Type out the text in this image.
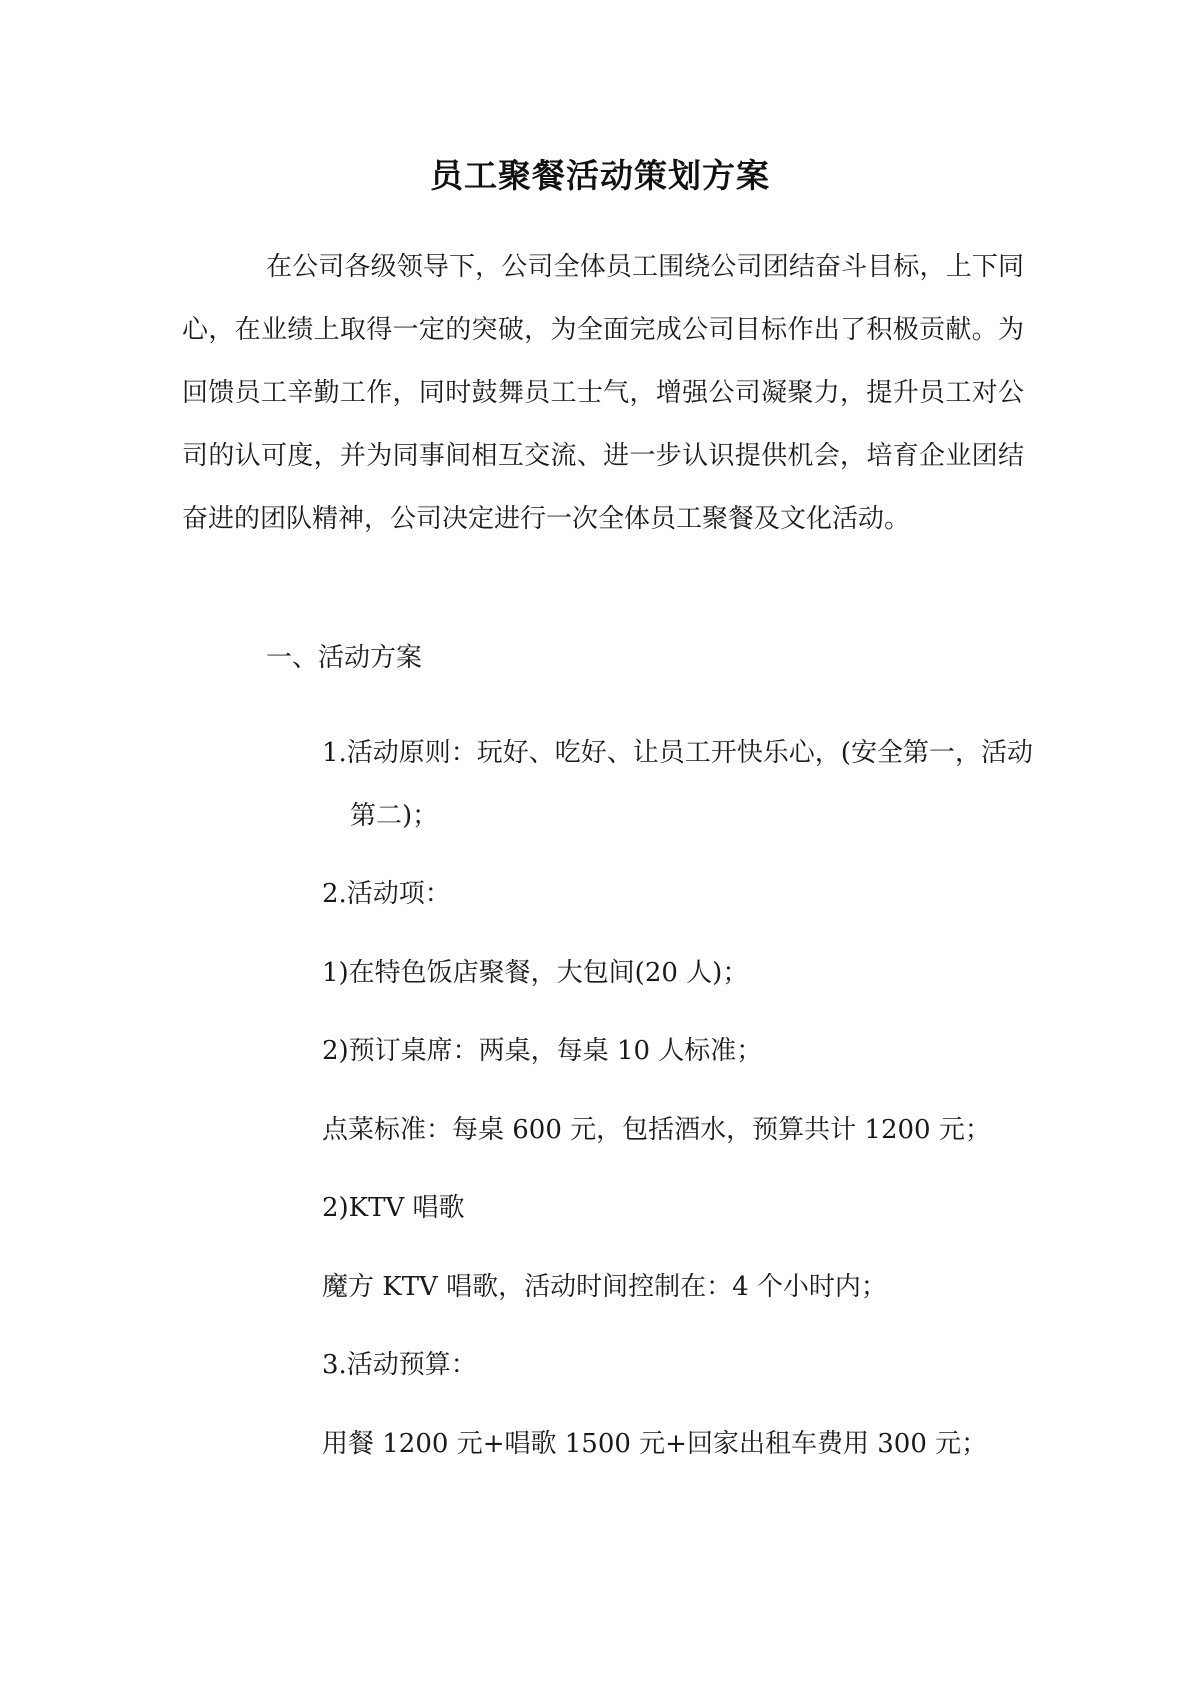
员工聚餐活动策划方案

在公司各级领导下，公司全体员工围绕公司团结奋斗目标，上下同心，在业绩上取得一定的突破，为全面完成公司目标作出了积极贡献。为回馈员工辛勤工作，同时鼓舞员工士气，增强公司凝聚力，提升员工对公司的认可度，并为同事间相互交流、进一步认识提供机会，培育企业团结奋进的团队精神，公司决定进行一次全体员工聚餐及文化活动。

一、活动方案

1.活动原则：玩好、吃好、让员工开快乐心，(安全第一，活动第二)；

2.活动项：

1)在特色饭店聚餐，大包间(20 人)；

2)预订桌席：两桌，每桌 10 人标准；

点菜标准：每桌 600 元，包括酒水，预算共计 1200 元；

2)KTV 唱歌

魔方 KTV 唱歌，活动时间控制在：4 个小时内；

3.活动预算：

用餐 1200 元+唱歌 1500 元+回家出租车费用 300 元；
